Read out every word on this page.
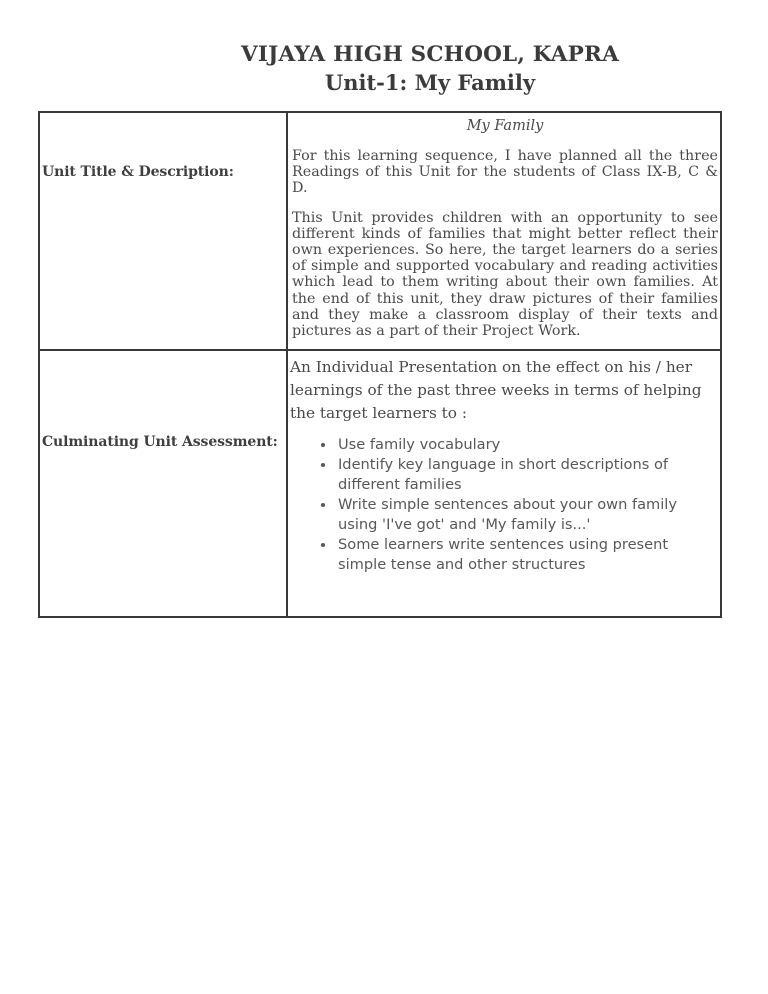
VIJAYA HIGH SCHOOL, KAPRA
Unit-1: My Family
Unit Title & Description:	My Family

For this learning sequence, I have planned all the three Readings of this Unit for the students of Class IX-B, C & D.

This Unit provides children with an opportunity to see different kinds of families that might better reflect their own experiences. So here, the target learners do a series of simple and supported vocabulary and reading activities which lead to them writing about their own families. At the end of this unit, they draw pictures of their families and they make a classroom display of their texts and pictures as a part of their Project Work.

Culminating Unit Assessment:	

An Individual Presentation on the effect on his / her learnings of the past three weeks in terms of helping the target learners to :

• Use family vocabulary
• Identify key language in short descriptions of different families
• Write simple sentences about your own family using 'I've got' and 'My family is...'
• Some learners write sentences using present simple tense and other structures
